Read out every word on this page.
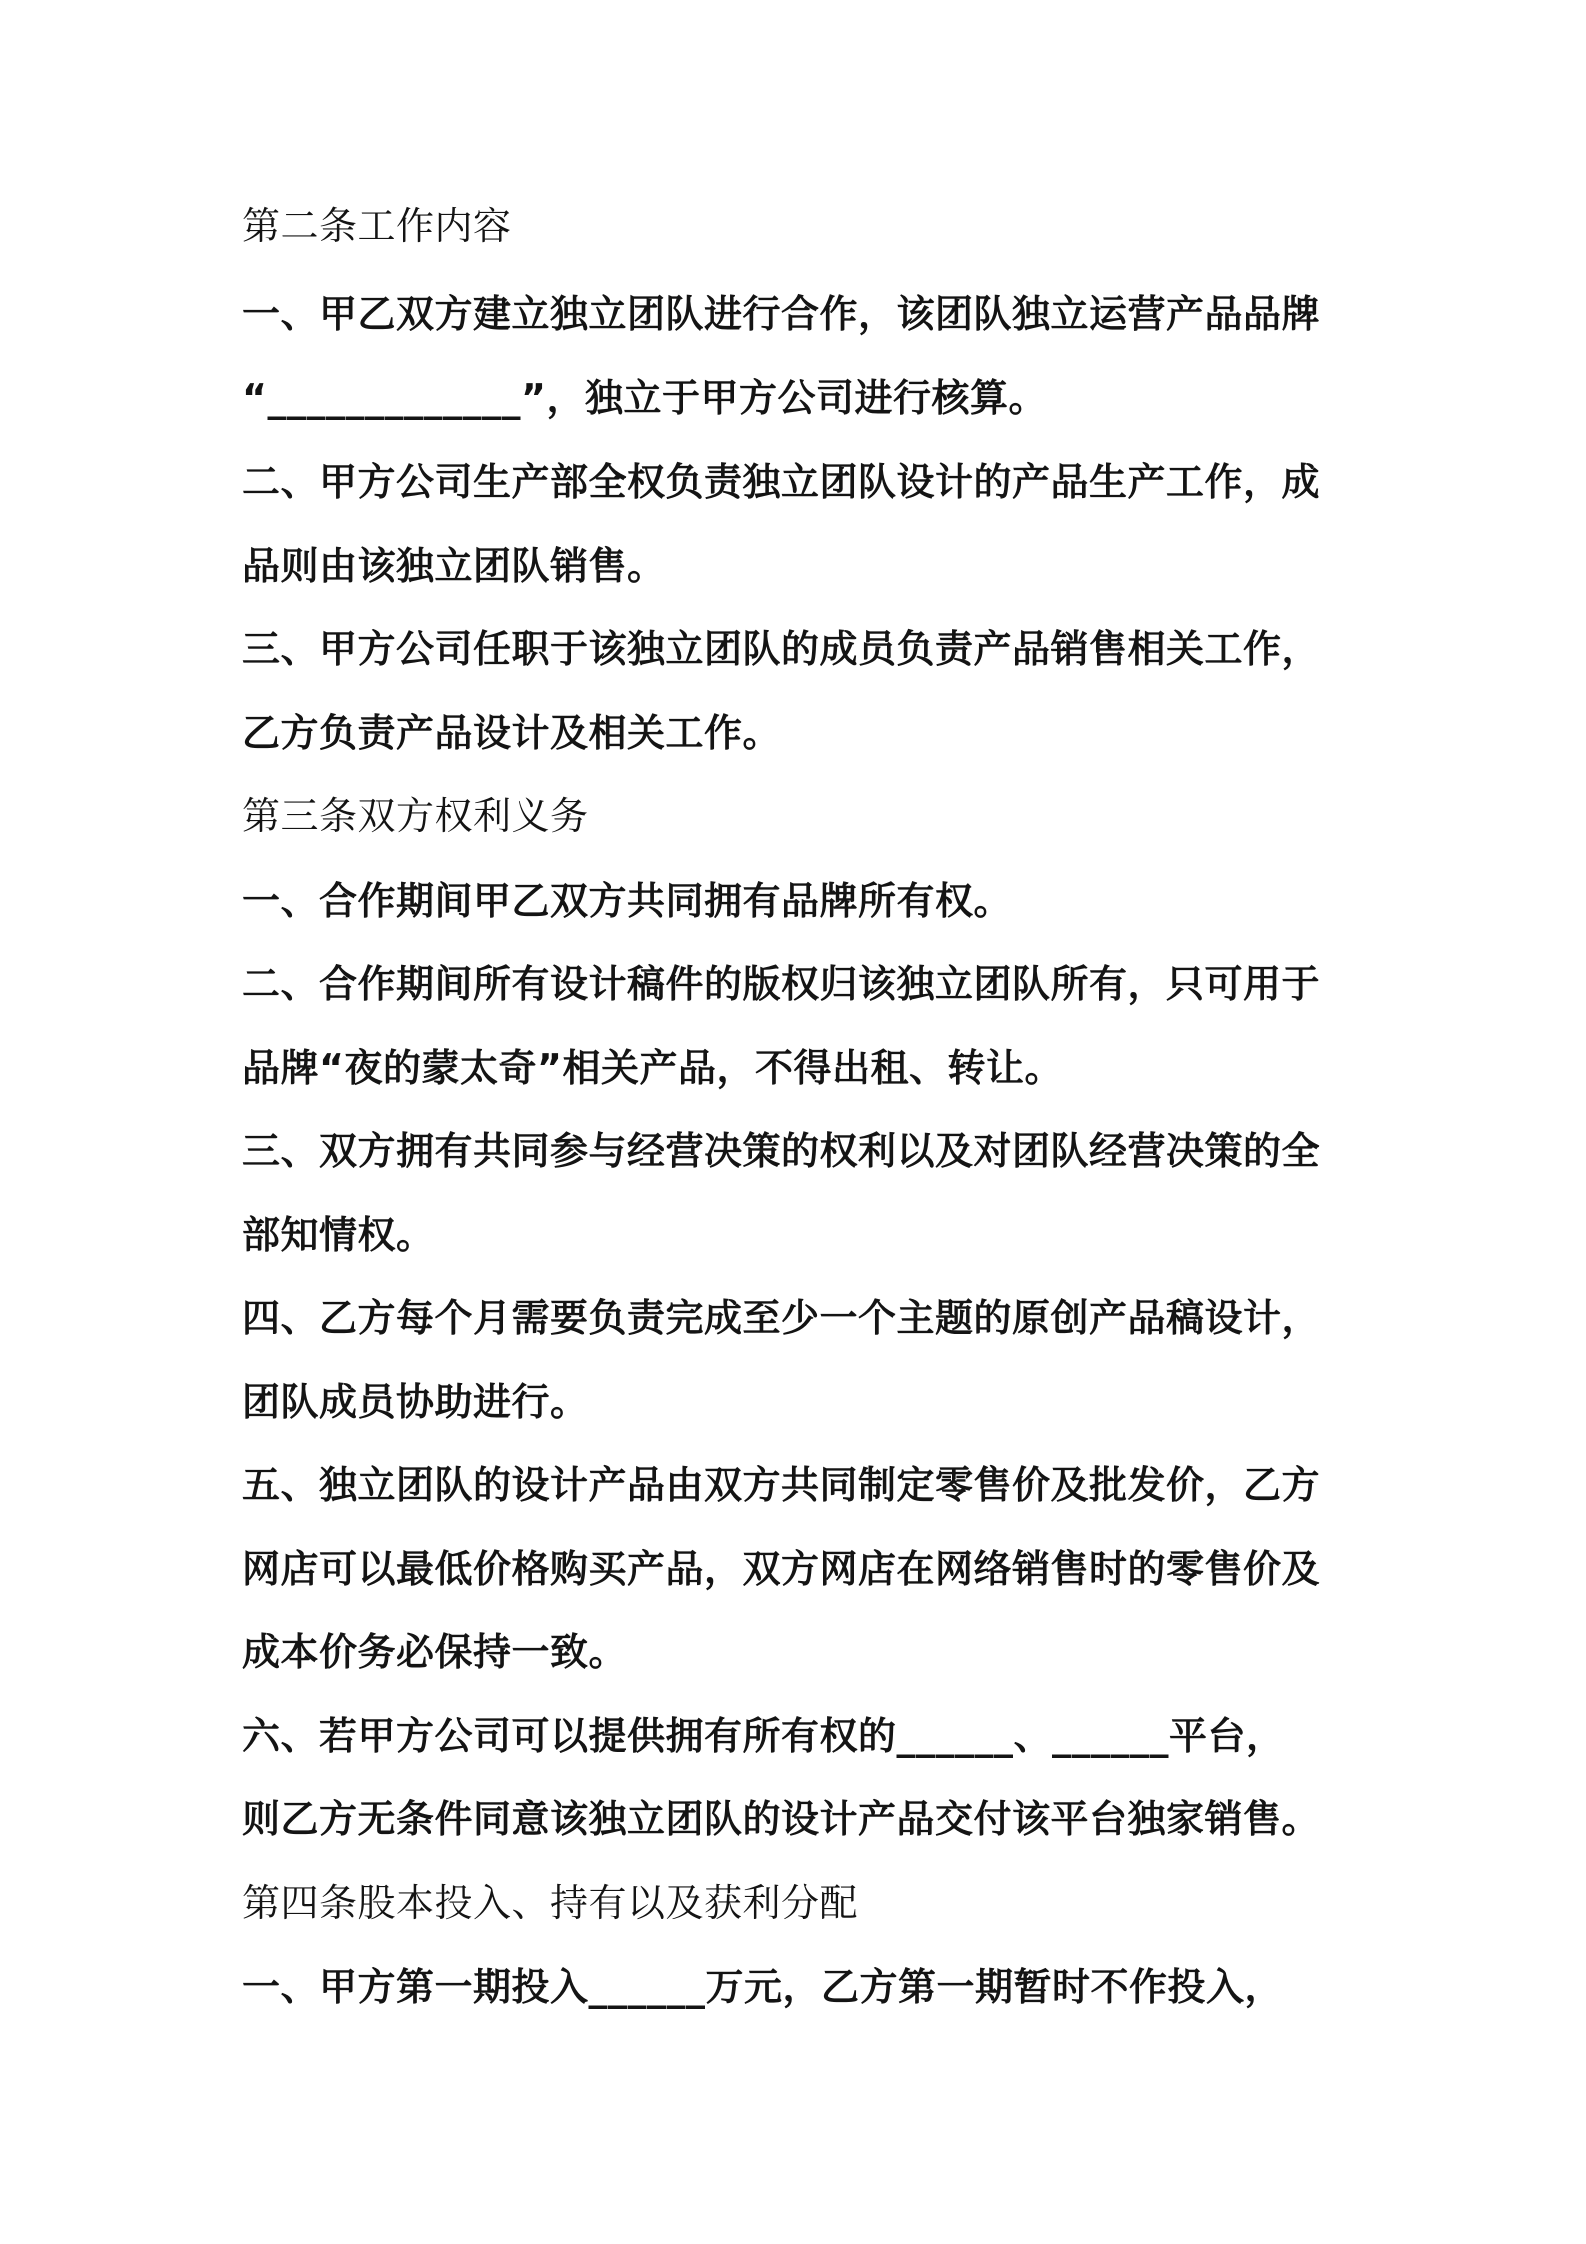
第二条工作内容
一、甲乙双方建立独立团队进行合作，该团队独立运营产品品牌
“_____________”，独立于甲方公司进行核算。
二、甲方公司生产部全权负责独立团队设计的产品生产工作，成
品则由该独立团队销售。
三、甲方公司任职于该独立团队的成员负责产品销售相关工作，
乙方负责产品设计及相关工作。
第三条双方权利义务
一、合作期间甲乙双方共同拥有品牌所有权。
二、合作期间所有设计稿件的版权归该独立团队所有，只可用于
品牌“夜的蒙太奇”相关产品，不得出租、转让。
三、双方拥有共同参与经营决策的权利以及对团队经营决策的全
部知情权。
四、乙方每个月需要负责完成至少一个主题的原创产品稿设计，
团队成员协助进行。
五、独立团队的设计产品由双方共同制定零售价及批发价，乙方
网店可以最低价格购买产品，双方网店在网络销售时的零售价及
成本价务必保持一致。
六、若甲方公司可以提供拥有所有权的______、______平台，
则乙方无条件同意该独立团队的设计产品交付该平台独家销售。
第四条股本投入、持有以及获利分配
一、甲方第一期投入______万元，乙方第一期暂时不作投入，
